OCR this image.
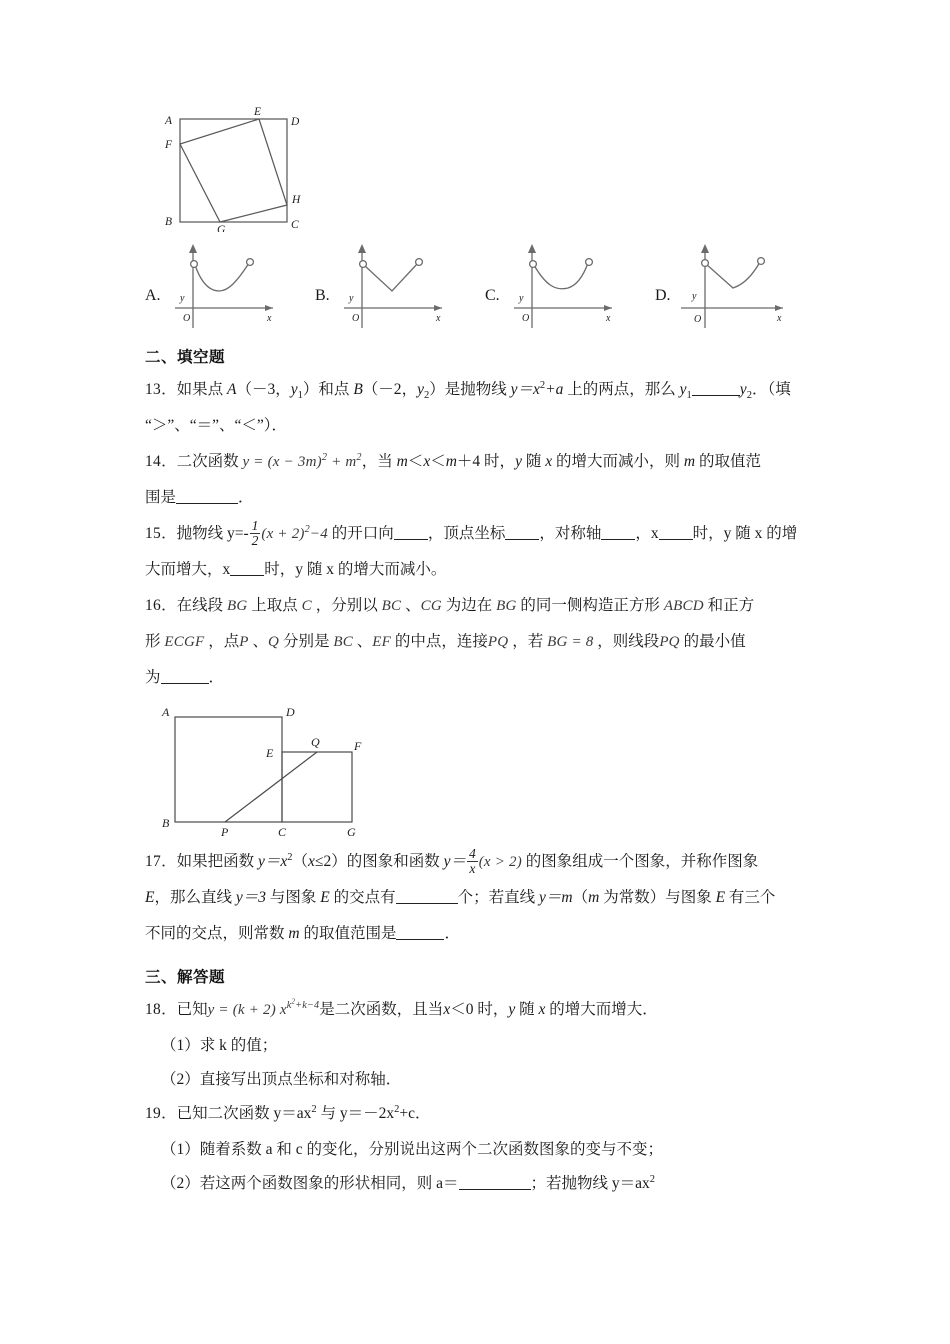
A
E
D
F
H
B
G	C
A. y
O	x
B. y
O	x
C. y
O	x
D. y
O	x
二、填空题

13．如果点 A（－3，$y_1$）和点 B（－2，$y_2$）是抛物线 $y=x^2+a$ 上的两点，那么 $y_1$	$y_2$．（填

“＞”、“＝”、“＜”）．

14．二次函数 $y = (x - 3m)^2 + m^2$，当 m＜x＜m＋4 时，y 随 x 的增大而减小，则 m 的取值范

围是	．

15．抛物线 $y=- \frac{1}{2} (x + 2)^2-4$ 的开口向 ，顶点坐标 ，对称轴 ，x 时，y 随 x 的增

大而增大，x 时，y 随 x 的增大而减小。

16．在线段 BG 上取点 C ，分别以 BC 、CG 为边在 BG 的同一侧构造正方形 ABCD 和正方

形 ECGF ，点P 、Q 分别是 BC 、EF 的中点，连接PQ ，若 BG = 8 ，则线段PQ 的最小值

为	．

A	D
E
Q	F
B
P	C	G

17．如果把函数 $y=x^2(x\le 2)$的图象和函数 $y= \frac{4}{x} (x > 2)$ 的图象组成一个图象，并称作图象

E，那么直线 y＝3 与图象 E 的交点有	个；若直线 y＝m（m 为常数）与图象 E 有三个

不同的交点，则常数 m 的取值范围是	．

三、解答题

18．已知y = (k + 2) $x^{k^2+k-4}$是二次函数，且当x＜0 时，y 随 x 的增大而增大．

（1）求 k 的值；

（2）直接写出顶点坐标和对称轴．

19．已知二次函数 $y=ax^2$ 与 $y=-2x^2+c$．

（1）随着系数 a 和 c 的变化，分别说出这两个二次函数图象的变与不变；

（2）若这两个函数图象的形状相同，则 a＝	；若抛物线 $y=ax^2$
